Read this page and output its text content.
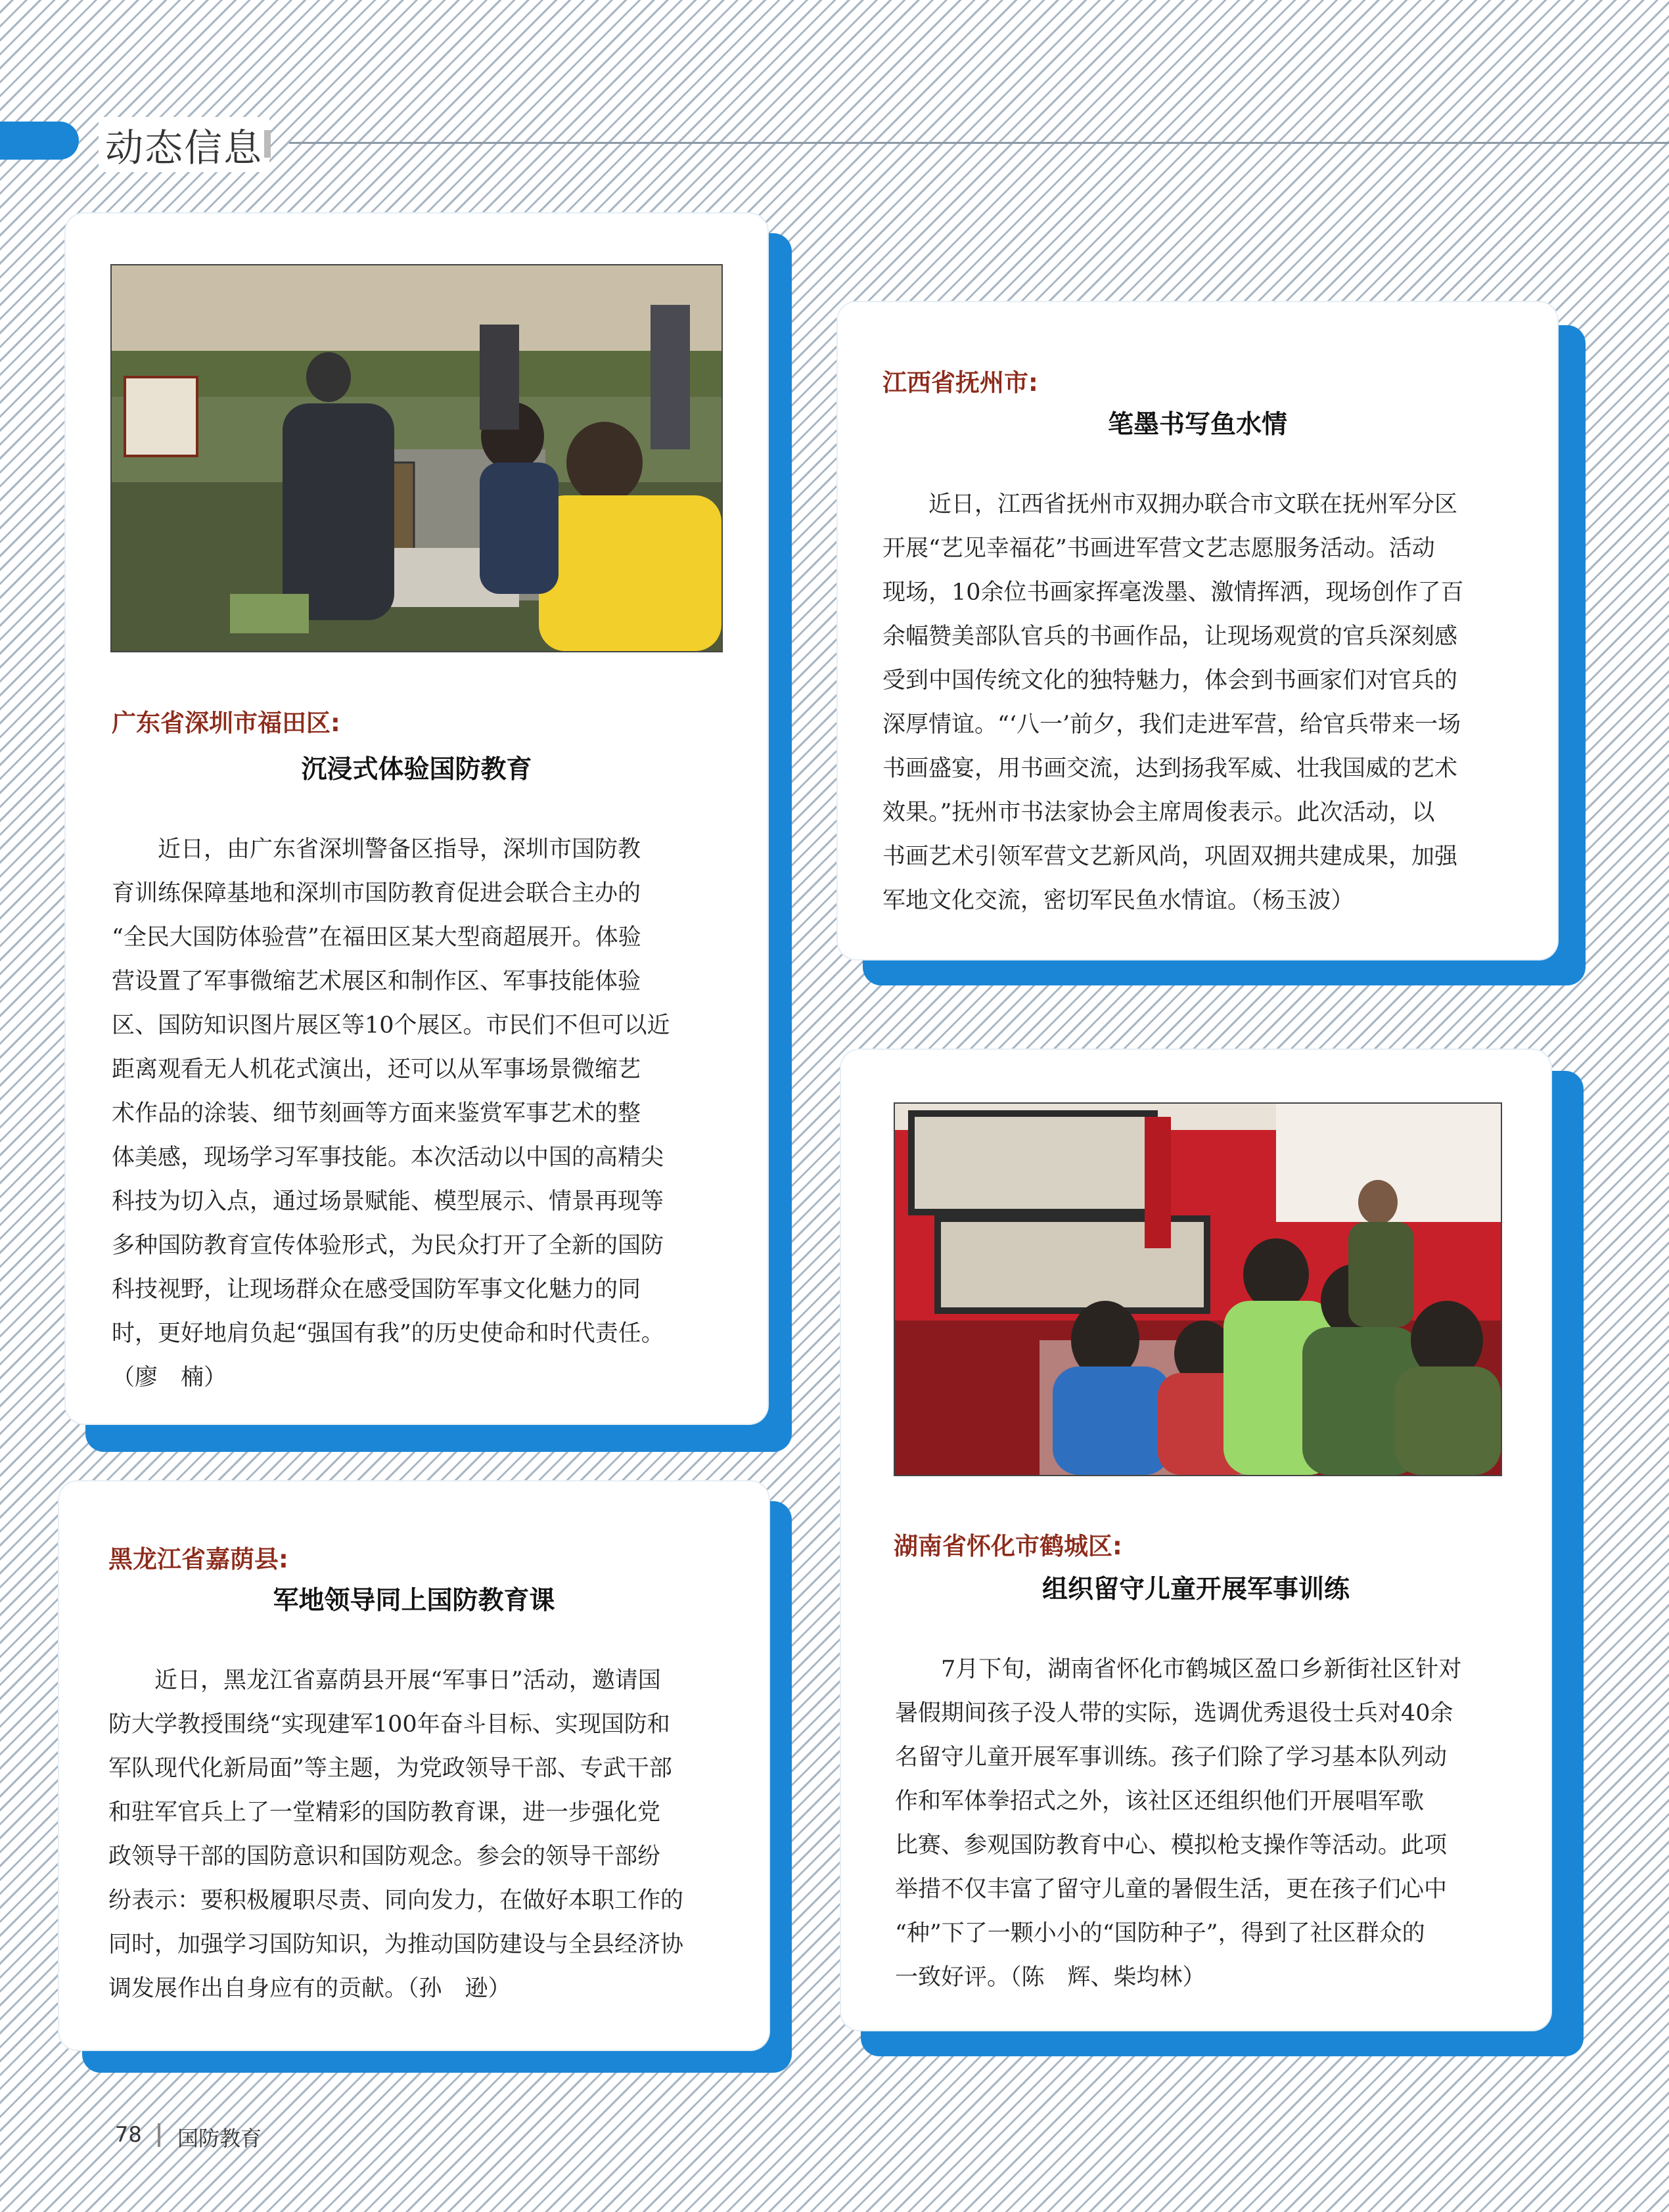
动态信息
广东省深圳市福田区:
沉浸式体验国防教育
　　近日，由广东省深圳警备区指导，深圳市国防教
育训练保障基地和深圳市国防教育促进会联合主办的
“全民大国防体验营”在福田区某大型商超展开。体验
营设置了军事微缩艺术展区和制作区、军事技能体验
区、国防知识图片展区等10个展区。市民们不但可以近
距离观看无人机花式演出，还可以从军事场景微缩艺
术作品的涂装、细节刻画等方面来鉴赏军事艺术的整
体美感，现场学习军事技能。本次活动以中国的高精尖
科技为切入点，通过场景赋能、模型展示、情景再现等
多种国防教育宣传体验形式，为民众打开了全新的国防
科技视野，让现场群众在感受国防军事文化魅力的同
时，更好地肩负起“强国有我”的历史使命和时代责任。
（廖　楠）
江西省抚州市:
笔墨书写鱼水情
　　近日，江西省抚州市双拥办联合市文联在抚州军分区
开展“艺见幸福花”书画进军营文艺志愿服务活动。活动
现场，10余位书画家挥毫泼墨、激情挥洒，现场创作了百
余幅赞美部队官兵的书画作品，让现场观赏的官兵深刻感
受到中国传统文化的独特魅力，体会到书画家们对官兵的
深厚情谊。“‘八一’前夕，我们走进军营，给官兵带来一场
书画盛宴，用书画交流，达到扬我军威、壮我国威的艺术
效果。”抚州市书法家协会主席周俊表示。此次活动，以
书画艺术引领军营文艺新风尚，巩固双拥共建成果，加强
军地文化交流，密切军民鱼水情谊。（杨玉波）
黑龙江省嘉荫县:
军地领导同上国防教育课
　　近日，黑龙江省嘉荫县开展“军事日”活动，邀请国
防大学教授围绕“实现建军100年奋斗目标、实现国防和
军队现代化新局面”等主题，为党政领导干部、专武干部
和驻军官兵上了一堂精彩的国防教育课，进一步强化党
政领导干部的国防意识和国防观念。参会的领导干部纷
纷表示：要积极履职尽责、同向发力，在做好本职工作的
同时，加强学习国防知识，为推动国防建设与全县经济协
调发展作出自身应有的贡献。（孙　逊）
湖南省怀化市鹤城区:
组织留守儿童开展军事训练
　　7月下旬，湖南省怀化市鹤城区盈口乡新街社区针对
暑假期间孩子没人带的实际，选调优秀退役士兵对40余
名留守儿童开展军事训练。孩子们除了学习基本队列动
作和军体拳招式之外，该社区还组织他们开展唱军歌
比赛、参观国防教育中心、模拟枪支操作等活动。此项
举措不仅丰富了留守儿童的暑假生活，更在孩子们心中
“种”下了一颗小小的“国防种子”，得到了社区群众的
一致好评。（陈　辉、柴均林）
78 国防教育
